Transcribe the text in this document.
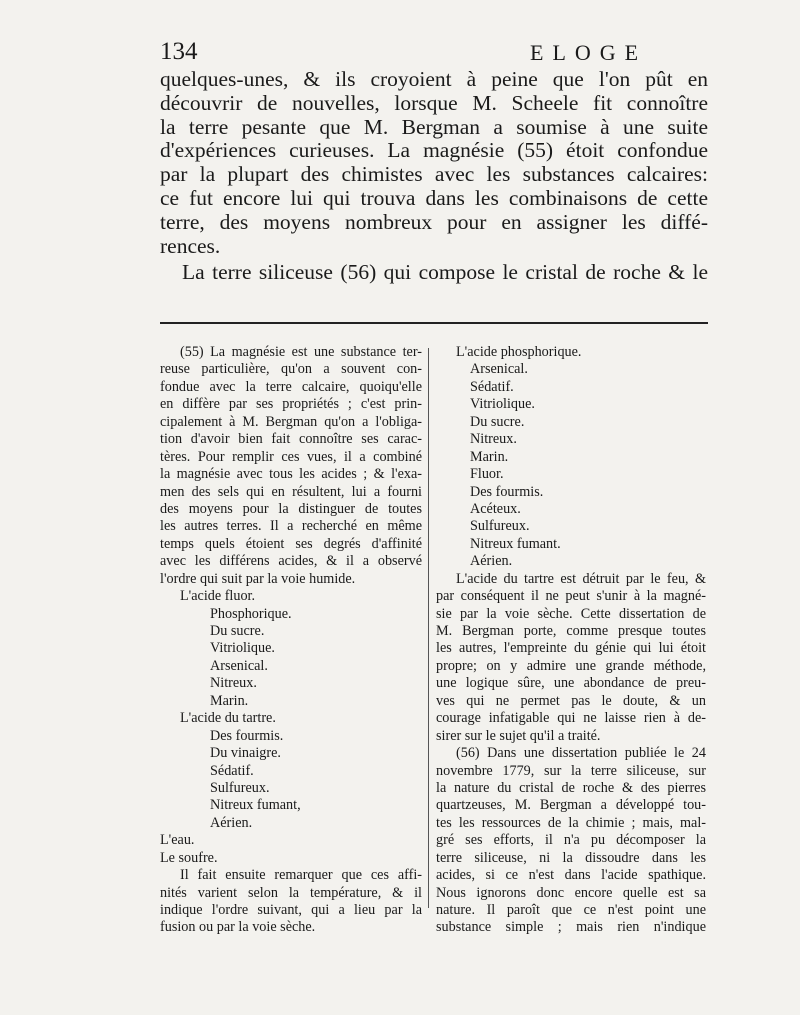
134	ELOGE
quelques-unes, & ils croyoient à peine que l'on pût en
découvrir de nouvelles, lorsque M. Scheele fit connoître
la terre pesante que M. Bergman a soumise à une suite
d'expériences curieuses. La magnésie (55) étoit confondue
par la plupart des chimistes avec les substances calcaires:
ce fut encore lui qui trouva dans les combinaisons de cette
terre, des moyens nombreux pour en assigner les diffé-
rences.
La terre siliceuse (56) qui compose le cristal de roche & le
(55) La magnésie est une substance ter-
reuse particulière, qu'on a souvent con-
fondue avec la terre calcaire, quoiqu'elle
en diffère par ses propriétés ; c'est prin-
cipalement à M. Bergman qu'on a l'obliga-
tion d'avoir bien fait connoître ses carac-
tères. Pour remplir ces vues, il a combiné
la magnésie avec tous les acides ; & l'exa-
men des sels qui en résultent, lui a fourni
des moyens pour la distinguer de toutes
les autres terres. Il a recherché en même
temps quels étoient ses degrés d'affinité
avec les différens acides, & il a observé
l'ordre qui suit par la voie humide.
L'acide fluor.
Phosphorique.
Du sucre.
Vitriolique.
Arsenical.
Nitreux.
Marin.
L'acide du tartre.
Des fourmis.
Du vinaigre.
Sédatif.
Sulfureux.
Nitreux fumant,
Aérien.
L'eau.
Le soufre.
Il fait ensuite remarquer que ces affi-
nités varient selon la température, & il
indique l'ordre suivant, qui a lieu par la
fusion ou par la voie sèche.
L'acide phosphorique.
Arsenical.
Sédatif.
Vitriolique.
Du sucre.
Nitreux.
Marin.
Fluor.
Des fourmis.
Acéteux.
Sulfureux.
Nitreux fumant.
Aérien.
L'acide du tartre est détruit par le feu, &
par conséquent il ne peut s'unir à la magné-
sie par la voie sèche. Cette dissertation de
M. Bergman porte, comme presque toutes
les autres, l'empreinte du génie qui lui étoit
propre; on y admire une grande méthode,
une logique sûre, une abondance de preu-
ves qui ne permet pas le doute, & un
courage infatigable qui ne laisse rien à de-
sirer sur le sujet qu'il a traité.
(56) Dans une dissertation publiée le 24
novembre 1779, sur la terre siliceuse, sur
la nature du cristal de roche & des pierres
quartzeuses, M. Bergman a développé tou-
tes les ressources de la chimie ; mais, mal-
gré ses efforts, il n'a pu décomposer la
terre siliceuse, ni la dissoudre dans les
acides, si ce n'est dans l'acide spathique.
Nous ignorons donc encore quelle est sa
nature. Il paroît que ce n'est point une
substance simple ; mais rien n'indique
